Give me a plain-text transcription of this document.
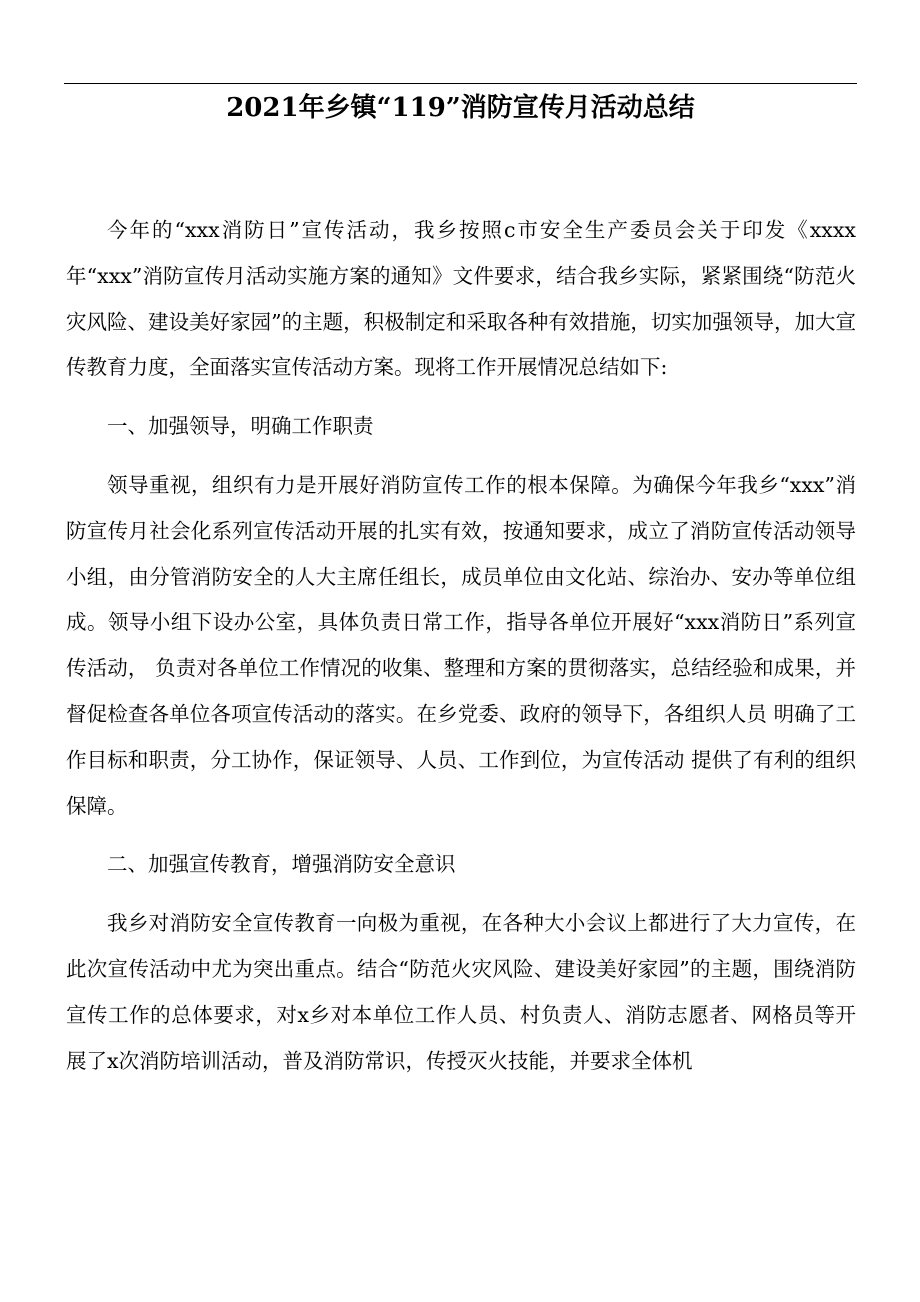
2021年乡镇“119”消防宣传月活动总结

今年的“xxx消防日”宣传活动，我乡按照c市安全生产委员会关于印发《xxxx年“xxx”消防宣传月活动实施方案的通知》文件要求，结合我乡实际，紧紧围绕“防范火灾风险、建设美好家园”的主题，积极制定和采取各种有效措施，切实加强领导，加大宣传教育力度，全面落实宣传活动方案。现将工作开展情况总结如下:

一、加强领导，明确工作职责

领导重视，组织有力是开展好消防宣传工作的根本保障。为确保今年我乡“xxx”消防宣传月社会化系列宣传活动开展的扎实有效，按通知要求，成立了消防宣传活动领导小组，由分管消防安全的人大主席任组长，成员单位由文化站、综治办、安办等单位组成。领导小组下设办公室，具体负责日常工作，指导各单位开展好“xxx消防日”系列宣传活动， 负责对各单位工作情况的收集、整理和方案的贯彻落实，总结经验和成果，并督促检查各单位各项宣传活动的落实。在乡党委、政府的领导下，各组织人员 明确了工作目标和职责，分工协作，保证领导、人员、工作到位，为宣传活动 提供了有利的组织保障。

二、加强宣传教育，增强消防安全意识

我乡对消防安全宣传教育一向极为重视，在各种大小会议上都进行了大力宣传，在此次宣传活动中尤为突出重点。结合“防范火灾风险、建设美好家园”的主题，围绕消防宣传工作的总体要求，对x乡对本单位工作人员、村负责人、消防志愿者、网格员等开展了x次消防培训活动，普及消防常识，传授灭火技能，并要求全体机
